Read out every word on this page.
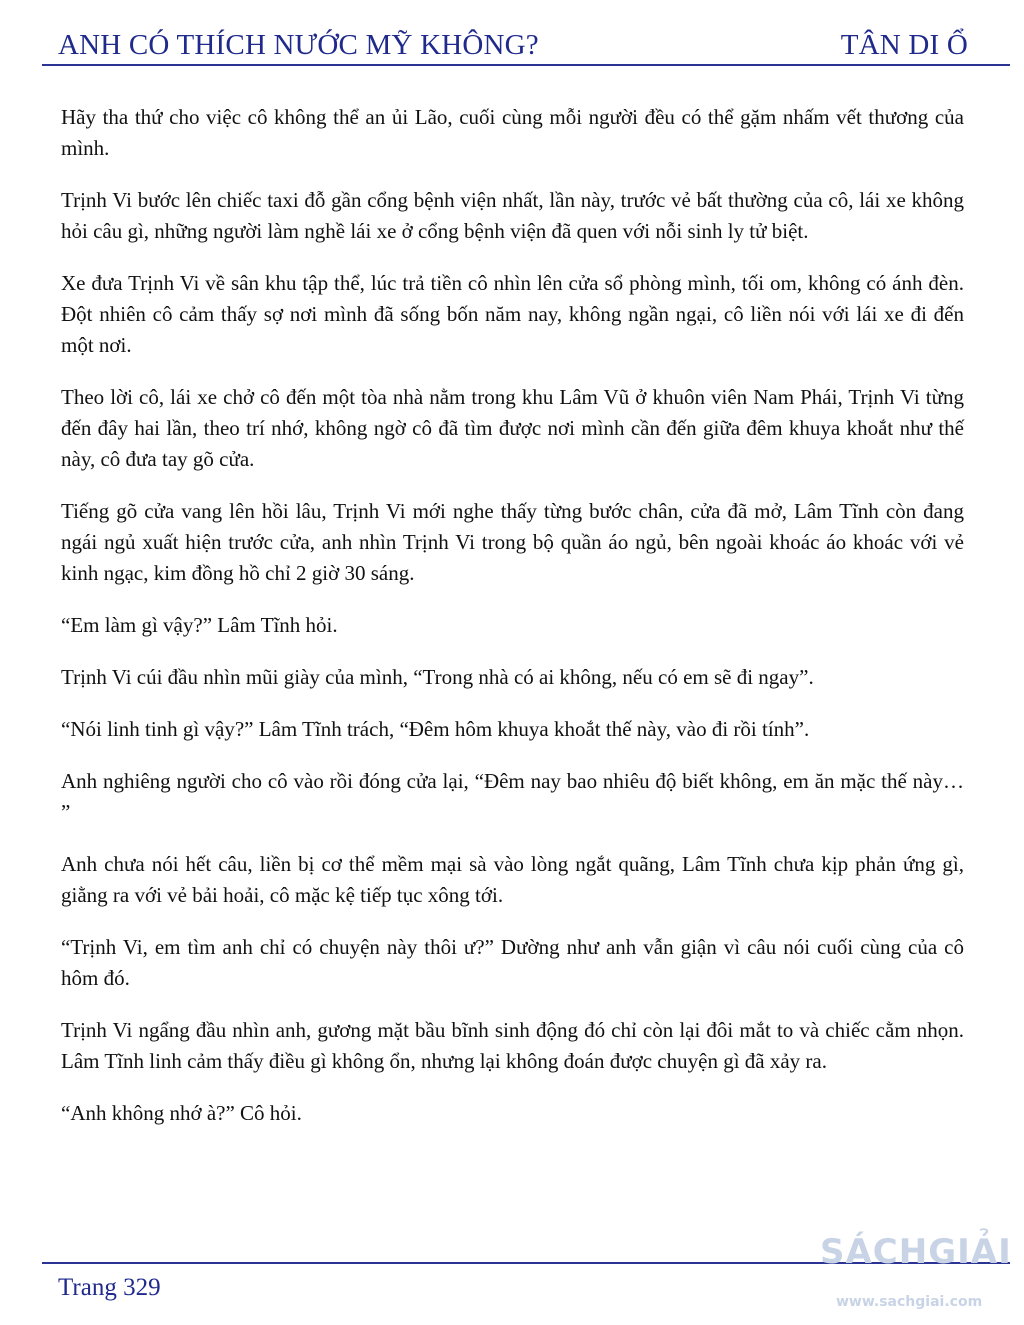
ANH CÓ THÍCH NƯỚC MỸ KHÔNG?	TÂN DI Ổ

Hãy tha thứ cho việc cô không thể an ủi Lão, cuối cùng mỗi người đều có thể gặm nhấm vết thương của mình.

Trịnh Vi bước lên chiếc taxi đỗ gần cổng bệnh viện nhất, lần này, trước vẻ bất thường của cô, lái xe không hỏi câu gì, những người làm nghề lái xe ở cổng bệnh viện đã quen với nỗi sinh ly tử biệt.

Xe đưa Trịnh Vi về sân khu tập thể, lúc trả tiền cô nhìn lên cửa sổ phòng mình, tối om, không có ánh đèn. Đột nhiên cô cảm thấy sợ nơi mình đã sống bốn năm nay, không ngần ngại, cô liền nói với lái xe đi đến một nơi.

Theo lời cô, lái xe chở cô đến một tòa nhà nằm trong khu Lâm Vũ ở khuôn viên Nam Phái, Trịnh Vi từng đến đây hai lần, theo trí nhớ, không ngờ cô đã tìm được nơi mình cần đến giữa đêm khuya khoắt như thế này, cô đưa tay gõ cửa.

Tiếng gõ cửa vang lên hồi lâu, Trịnh Vi mới nghe thấy từng bước chân, cửa đã mở, Lâm Tĩnh còn đang ngái ngủ xuất hiện trước cửa, anh nhìn Trịnh Vi trong bộ quần áo ngủ, bên ngoài khoác áo khoác với vẻ kinh ngạc, kim đồng hồ chỉ 2 giờ 30 sáng.

“Em làm gì vậy?” Lâm Tĩnh hỏi.

Trịnh Vi cúi đầu nhìn mũi giày của mình, “Trong nhà có ai không, nếu có em sẽ đi ngay”.

“Nói linh tinh gì vậy?” Lâm Tĩnh trách, “Đêm hôm khuya khoắt thế này, vào đi rồi tính”.

Anh nghiêng người cho cô vào rồi đóng cửa lại, “Đêm nay bao nhiêu độ biết không, em ăn mặc thế này… ”

Anh chưa nói hết câu, liền bị cơ thể mềm mại sà vào lòng ngắt quãng, Lâm Tĩnh chưa kịp phản ứng gì, giằng ra với vẻ bải hoải, cô mặc kệ tiếp tục xông tới.

“Trịnh Vi, em tìm anh chỉ có chuyện này thôi ư?” Dường như anh vẫn giận vì câu nói cuối cùng của cô hôm đó.

Trịnh Vi ngẩng đầu nhìn anh, gương mặt bầu bĩnh sinh động đó chỉ còn lại đôi mắt to và chiếc cằm nhọn. Lâm Tĩnh linh cảm thấy điều gì không ổn, nhưng lại không đoán được chuyện gì đã xảy ra.

“Anh không nhớ à?” Cô hỏi.

Trang 329
SÁCHGIẢI
www.sachgiai.com
